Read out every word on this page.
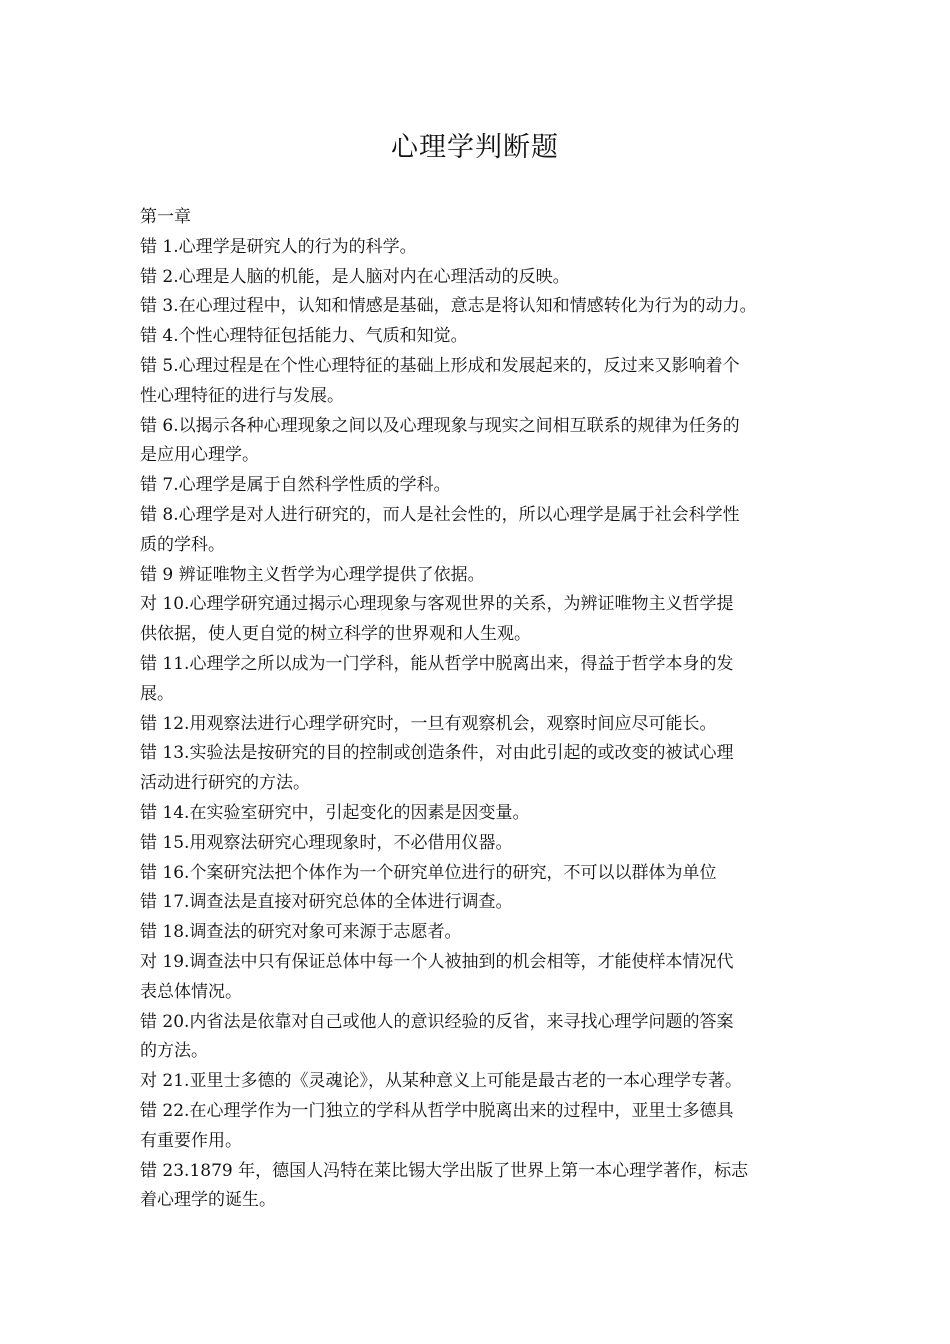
心理学判断题

第一章

错 1.心理学是研究人的行为的科学。

错 2.心理是人脑的机能，是人脑对内在心理活动的反映。

错 3.在心理过程中，认知和情感是基础，意志是将认知和情感转化为行为的动力。

错 4.个性心理特征包括能力、气质和知觉。

错 5.心理过程是在个性心理特征的基础上形成和发展起来的，反过来又影响着个
性心理特征的进行与发展。

错 6.以揭示各种心理现象之间以及心理现象与现实之间相互联系的规律为任务的
是应用心理学。

错 7.心理学是属于自然科学性质的学科。

错 8.心理学是对人进行研究的，而人是社会性的，所以心理学是属于社会科学性
质的学科。

错 9 辨证唯物主义哲学为心理学提供了依据。

对 10.心理学研究通过揭示心理现象与客观世界的关系，为辨证唯物主义哲学提
供依据，使人更自觉的树立科学的世界观和人生观。

错 11.心理学之所以成为一门学科，能从哲学中脱离出来，得益于哲学本身的发
展。

错 12.用观察法进行心理学研究时，一旦有观察机会，观察时间应尽可能长。

错 13.实验法是按研究的目的控制或创造条件，对由此引起的或改变的被试心理
活动进行研究的方法。

错 14.在实验室研究中，引起变化的因素是因变量。

错 15.用观察法研究心理现象时，不必借用仪器。

错 16.个案研究法把个体作为一个研究单位进行的研究，不可以以群体为单位

错 17.调查法是直接对研究总体的全体进行调查。

错 18.调查法的研究对象可来源于志愿者。

对 19.调查法中只有保证总体中每一个人被抽到的机会相等，才能使样本情况代
表总体情况。

错 20.内省法是依靠对自己或他人的意识经验的反省，来寻找心理学问题的答案
的方法。

对 21.亚里士多德的《灵魂论》，从某种意义上可能是最古老的一本心理学专著。

错 22.在心理学作为一门独立的学科从哲学中脱离出来的过程中，亚里士多德具
有重要作用。

错 23.1879 年，德国人冯特在莱比锡大学出版了世界上第一本心理学著作，标志
着心理学的诞生。
